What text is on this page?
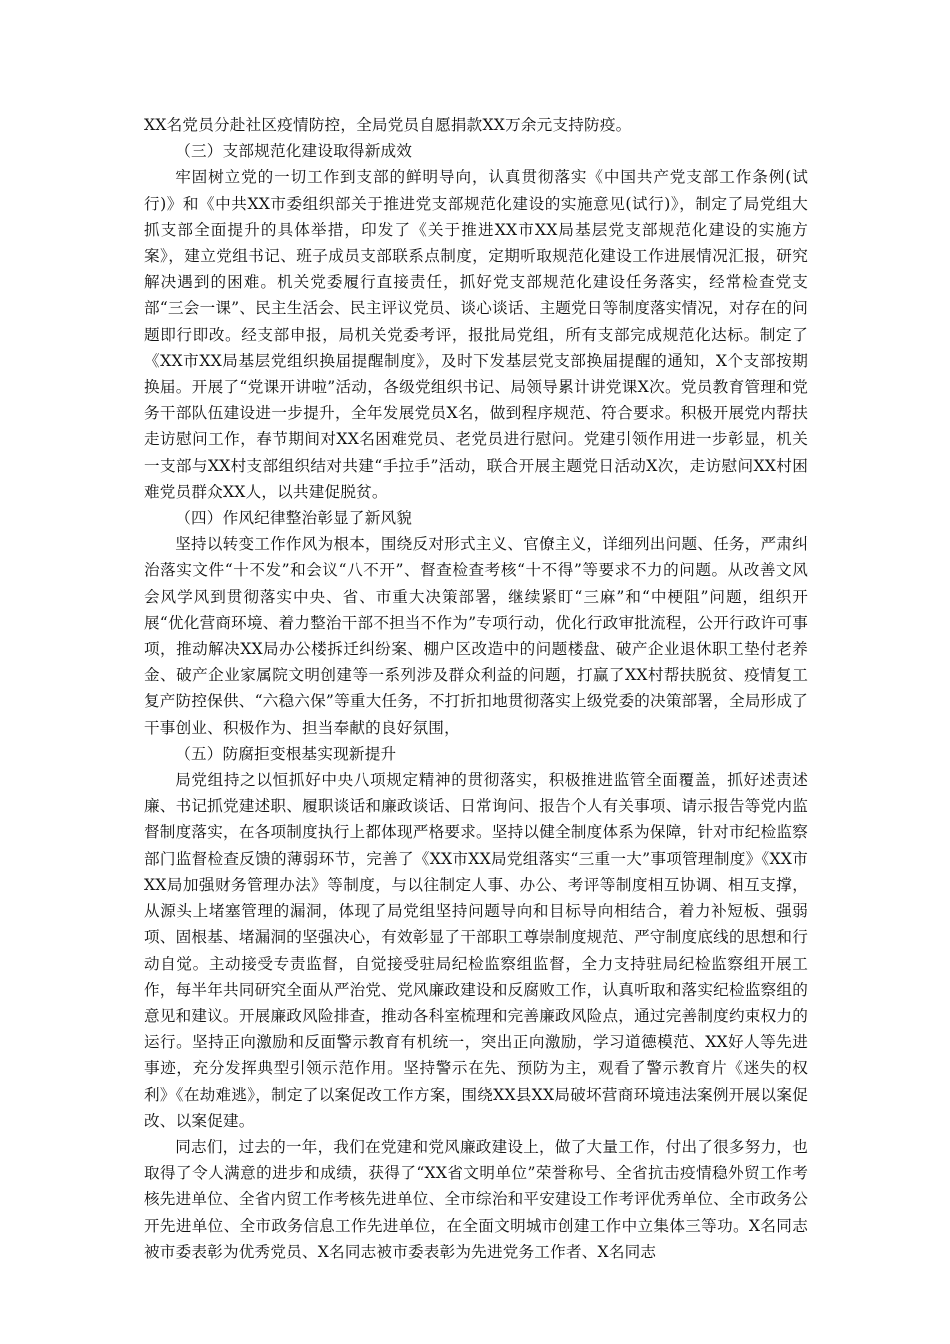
XX名党员分赴社区疫情防控，全局党员自愿捐款XX万余元支持防疫。

（三）支部规范化建设取得新成效

牢固树立党的一切工作到支部的鲜明导向，认真贯彻落实《中国共产党支部工作条例(试行)》和《中共XX市委组织部关于推进党支部规范化建设的实施意见(试行)》，制定了局党组大抓支部全面提升的具体举措，印发了《关于推进XX市XX局基层党支部规范化建设的实施方案》，建立党组书记、班子成员支部联系点制度，定期听取规范化建设工作进展情况汇报，研究解决遇到的困难。机关党委履行直接责任，抓好党支部规范化建设任务落实，经常检查党支部“三会一课”、民主生活会、民主评议党员、谈心谈话、主题党日等制度落实情况，对存在的问题即行即改。经支部申报，局机关党委考评，报批局党组，所有支部完成规范化达标。制定了《XX市XX局基层党组织换届提醒制度》，及时下发基层党支部换届提醒的通知，X个支部按期换届。开展了“党课开讲啦”活动，各级党组织书记、局领导累计讲党课X次。党员教育管理和党务干部队伍建设进一步提升，全年发展党员X名，做到程序规范、符合要求。积极开展党内帮扶走访慰问工作，春节期间对XX名困难党员、老党员进行慰问。党建引领作用进一步彰显，机关一支部与XX村支部组织结对共建“手拉手”活动，联合开展主题党日活动X次，走访慰问XX村困难党员群众XX人，以共建促脱贫。

（四）作风纪律整治彰显了新风貌

坚持以转变工作作风为根本，围绕反对形式主义、官僚主义，详细列出问题、任务，严肃纠治落实文件“十不发”和会议“八不开”、督查检查考核“十不得”等要求不力的问题。从改善文风会风学风到贯彻落实中央、省、市重大决策部署，继续紧盯“三麻”和“中梗阻”问题，组织开展“优化营商环境、着力整治干部不担当不作为”专项行动，优化行政审批流程，公开行政许可事项，推动解决XX局办公楼拆迁纠纷案、棚户区改造中的问题楼盘、破产企业退休职工垫付老养金、破产企业家属院文明创建等一系列涉及群众利益的问题，打赢了XX村帮扶脱贫、疫情复工复产防控保供、“六稳六保”等重大任务，不打折扣地贯彻落实上级党委的决策部署，全局形成了干事创业、积极作为、担当奉献的良好氛围，

（五）防腐拒变根基实现新提升

局党组持之以恒抓好中央八项规定精神的贯彻落实，积极推进监管全面覆盖，抓好述责述廉、书记抓党建述职、履职谈话和廉政谈话、日常询问、报告个人有关事项、请示报告等党内监督制度落实，在各项制度执行上都体现严格要求。坚持以健全制度体系为保障，针对市纪检监察部门监督检查反馈的薄弱环节，完善了《XX市XX局党组落实“三重一大”事项管理制度》《XX市XX局加强财务管理办法》等制度，与以往制定人事、办公、考评等制度相互协调、相互支撑，从源头上堵塞管理的漏洞，体现了局党组坚持问题导向和目标导向相结合，着力补短板、强弱项、固根基、堵漏洞的坚强决心，有效彰显了干部职工尊崇制度规范、严守制度底线的思想和行动自觉。主动接受专责监督，自觉接受驻局纪检监察组监督，全力支持驻局纪检监察组开展工作，每半年共同研究全面从严治党、党风廉政建设和反腐败工作，认真听取和落实纪检监察组的意见和建议。开展廉政风险排查，推动各科室梳理和完善廉政风险点，通过完善制度约束权力的运行。坚持正向激励和反面警示教育有机统一，突出正向激励，学习道德模范、XX好人等先进事迹，充分发挥典型引领示范作用。坚持警示在先、预防为主，观看了警示教育片《迷失的权利》《在劫难逃》，制定了以案促改工作方案，围绕XX县XX局破坏营商环境违法案例开展以案促改、以案促建。

同志们，过去的一年，我们在党建和党风廉政建设上，做了大量工作，付出了很多努力，也取得了令人满意的进步和成绩，获得了“XX省文明单位”荣誉称号、全省抗击疫情稳外贸工作考核先进单位、全省内贸工作考核先进单位、全市综治和平安建设工作考评优秀单位、全市政务公开先进单位、全市政务信息工作先进单位，在全面文明城市创建工作中立集体三等功。X名同志被市委表彰为优秀党员、X名同志被市委表彰为先进党务工作者、X名同志
